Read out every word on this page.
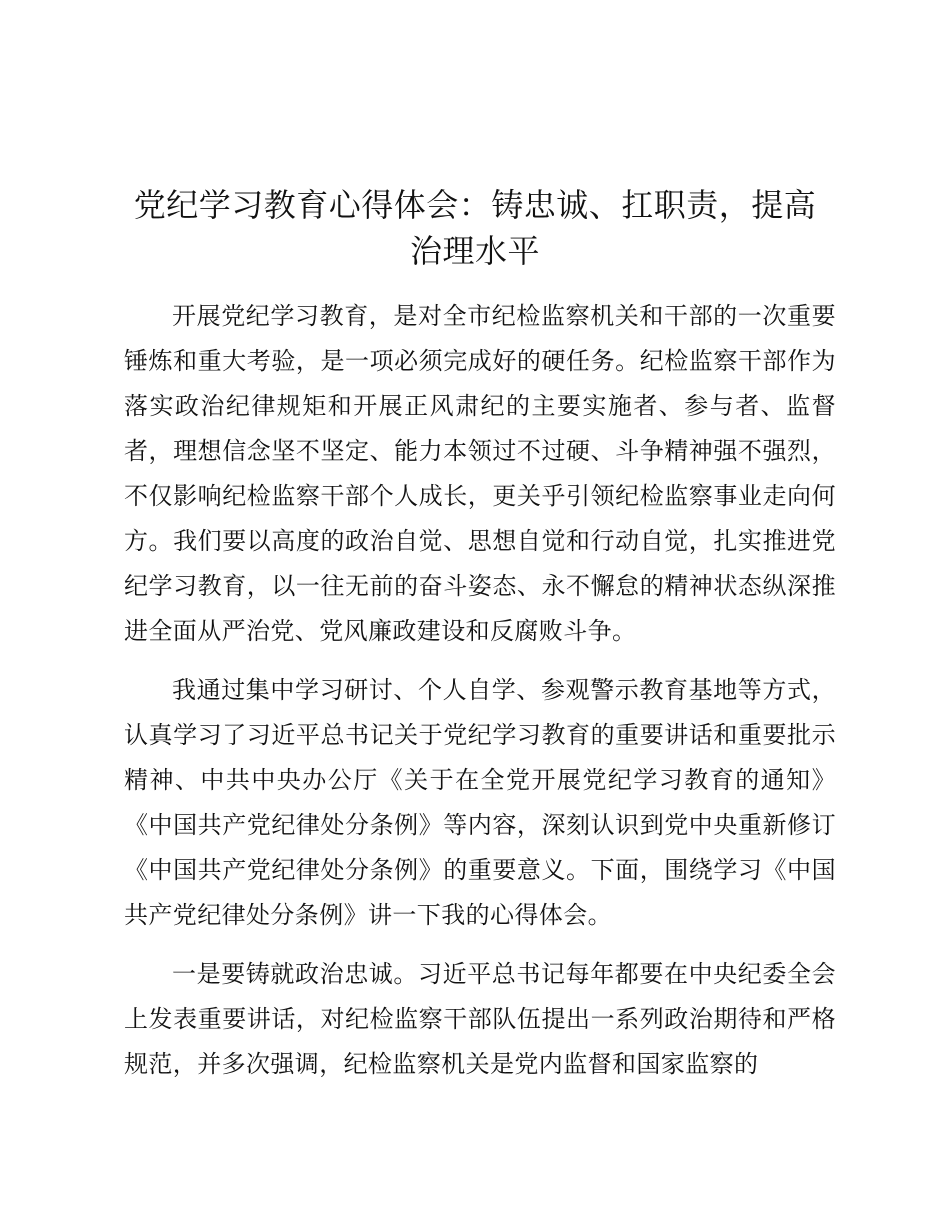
党纪学习教育心得体会：铸忠诚、扛职责，提高治理水平

开展党纪学习教育，是对全市纪检监察机关和干部的一次重要锤炼和重大考验，是一项必须完成好的硬任务。纪检监察干部作为落实政治纪律规矩和开展正风肃纪的主要实施者、参与者、监督者，理想信念坚不坚定、能力本领过不过硬、斗争精神强不强烈，不仅影响纪检监察干部个人成长，更关乎引领纪检监察事业走向何方。我们要以高度的政治自觉、思想自觉和行动自觉，扎实推进党纪学习教育，以一往无前的奋斗姿态、永不懈怠的精神状态纵深推进全面从严治党、党风廉政建设和反腐败斗争。

我通过集中学习研讨、个人自学、参观警示教育基地等方式，认真学习了习近平总书记关于党纪学习教育的重要讲话和重要批示精神、中共中央办公厅《关于在全党开展党纪学习教育的通知》《中国共产党纪律处分条例》等内容，深刻认识到党中央重新修订《中国共产党纪律处分条例》的重要意义。下面，围绕学习《中国共产党纪律处分条例》讲一下我的心得体会。

一是要铸就政治忠诚。习近平总书记每年都要在中央纪委全会上发表重要讲话，对纪检监察干部队伍提出一系列政治期待和严格规范，并多次强调，纪检监察机关是党内监督和国家监察的
